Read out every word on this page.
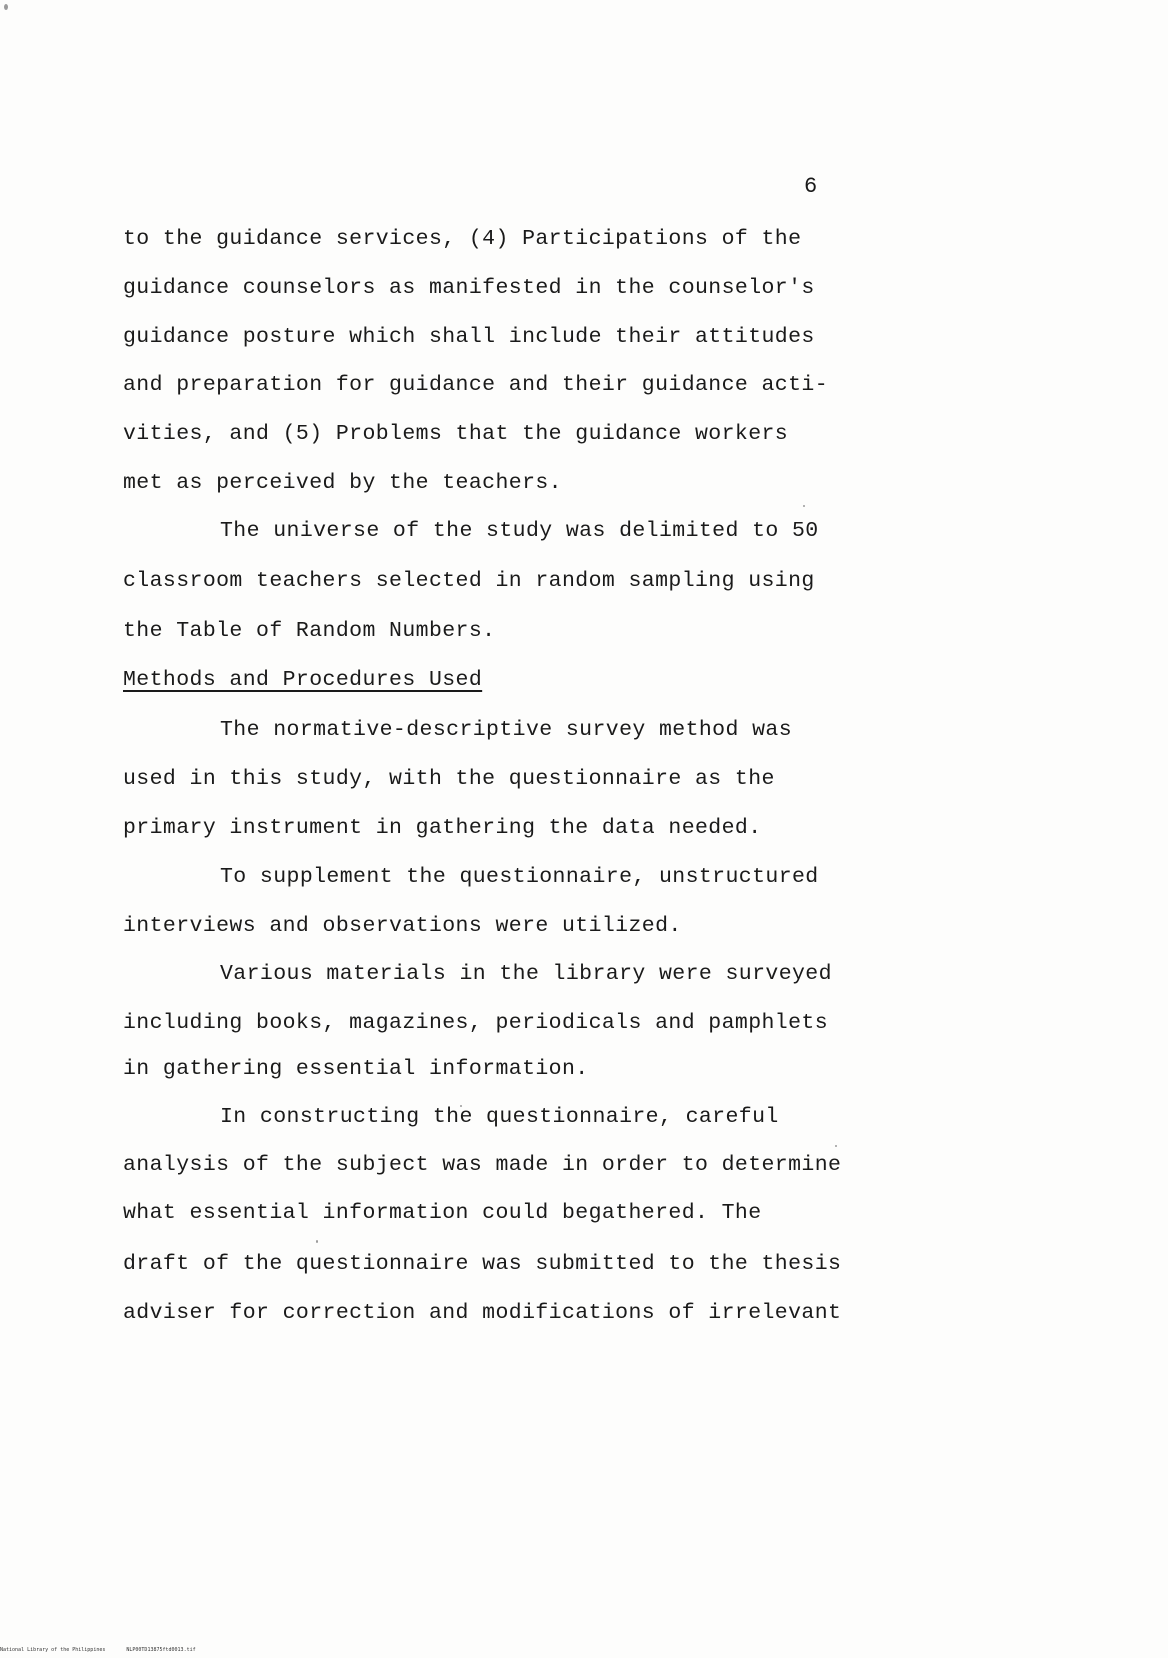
6
to the guidance services, (4) Participations of the
guidance counselors as manifested in the counselor's
guidance posture which shall include their attitudes
and preparation for guidance and their guidance acti-
vities, and (5) Problems that the guidance workers
met as perceived by the teachers.
The universe of the study was delimited to 50
classroom teachers selected in random sampling using
the Table of Random Numbers.
Methods and Procedures Used
The normative-descriptive survey method was
used in this study, with the questionnaire as the
primary instrument in gathering the data needed.
To supplement the questionnaire, unstructured
interviews and observations were utilized.
Various materials in the library were surveyed
including books, magazines, periodicals and pamphlets
in gathering essential information.
In constructing the questionnaire, careful
analysis of the subject was made in order to determine
what essential information could begathered. The
draft of the questionnaire was submitted to the thesis
adviser for correction and modifications of irrelevant
National Library of the Philippines	NLP00TD13875ftd0013.tif
